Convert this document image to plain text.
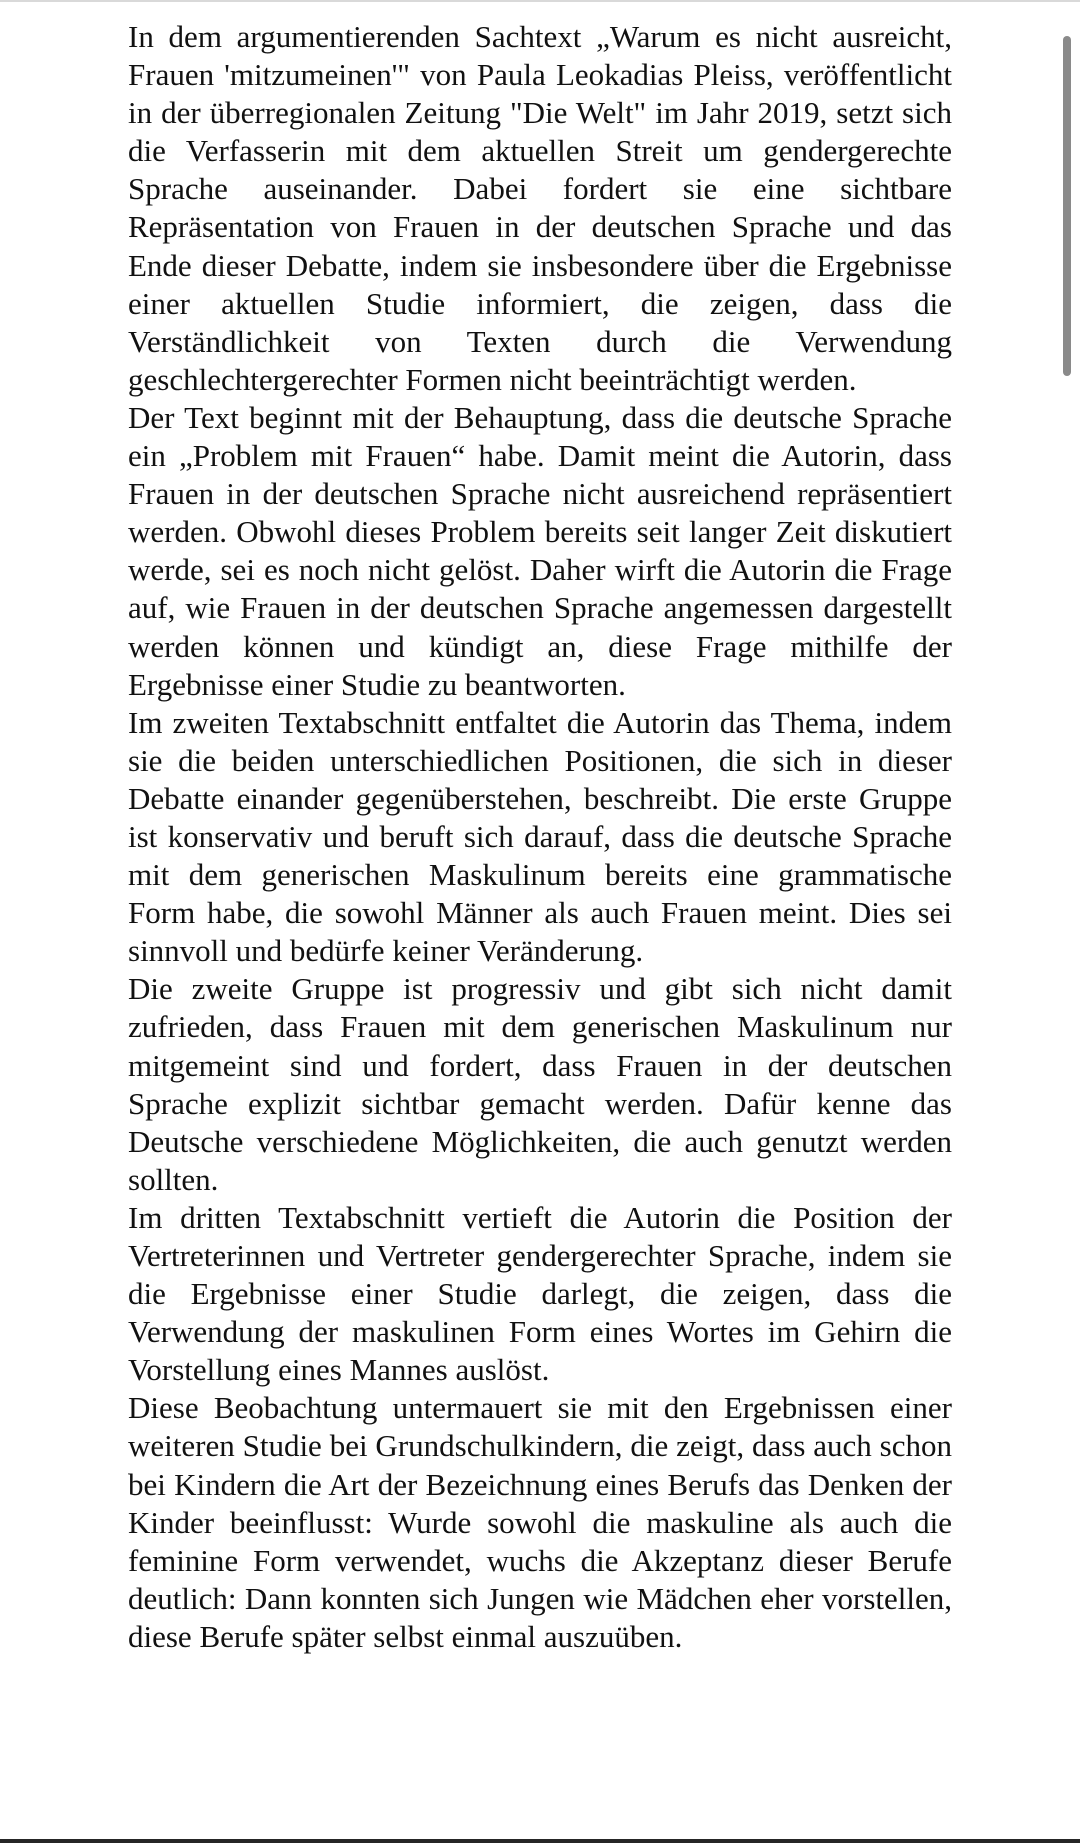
In dem argumentierenden Sachtext „Warum es nicht ausreicht, Frauen 'mitzumeinen'" von Paula Leokadias Pleiss, veröffentlicht in der überregionalen Zeitung "Die Welt" im Jahr 2019, setzt sich die Verfasserin mit dem aktuellen Streit um gendergerechte Sprache auseinander. Dabei fordert sie eine sichtbare Repräsentation von Frauen in der deutschen Sprache und das Ende dieser Debatte, indem sie insbesondere über die Ergebnisse einer aktuellen Studie informiert, die zeigen, dass die Verständlichkeit von Texten durch die Verwendung geschlechtergerechter Formen nicht beeinträchtigt werden.

Der Text beginnt mit der Behauptung, dass die deutsche Sprache ein „Problem mit Frauen“ habe. Damit meint die Autorin, dass Frauen in der deutschen Sprache nicht ausreichend repräsentiert werden. Obwohl dieses Problem bereits seit langer Zeit diskutiert werde, sei es noch nicht gelöst. Daher wirft die Autorin die Frage auf, wie Frauen in der deutschen Sprache angemessen dargestellt werden können und kündigt an, diese Frage mithilfe der Ergebnisse einer Studie zu beantworten.

Im zweiten Textabschnitt entfaltet die Autorin das Thema, indem sie die beiden unterschiedlichen Positionen, die sich in dieser Debatte einander gegenüberstehen, beschreibt. Die erste Gruppe ist konservativ und beruft sich darauf, dass die deutsche Sprache mit dem generischen Maskulinum bereits eine grammatische Form habe, die sowohl Männer als auch Frauen meint. Dies sei sinnvoll und bedürfe keiner Veränderung.

Die zweite Gruppe ist progressiv und gibt sich nicht damit zufrieden, dass Frauen mit dem generischen Maskulinum nur mitgemeint sind und fordert, dass Frauen in der deutschen Sprache explizit sichtbar gemacht werden. Dafür kenne das Deutsche verschiedene Möglichkeiten, die auch genutzt werden sollten.

Im dritten Textabschnitt vertieft die Autorin die Position der Vertreterinnen und Vertreter gendergerechter Sprache, indem sie die Ergebnisse einer Studie darlegt, die zeigen, dass die Verwendung der maskulinen Form eines Wortes im Gehirn die Vorstellung eines Mannes auslöst.

Diese Beobachtung untermauert sie mit den Ergebnissen einer weiteren Studie bei Grundschulkindern, die zeigt, dass auch schon bei Kindern die Art der Bezeichnung eines Berufs das Denken der Kinder beeinflusst: Wurde sowohl die maskuline als auch die feminine Form verwendet, wuchs die Akzeptanz dieser Berufe deutlich: Dann konnten sich Jungen wie Mädchen eher vorstellen, diese Berufe später selbst einmal auszuüben.
